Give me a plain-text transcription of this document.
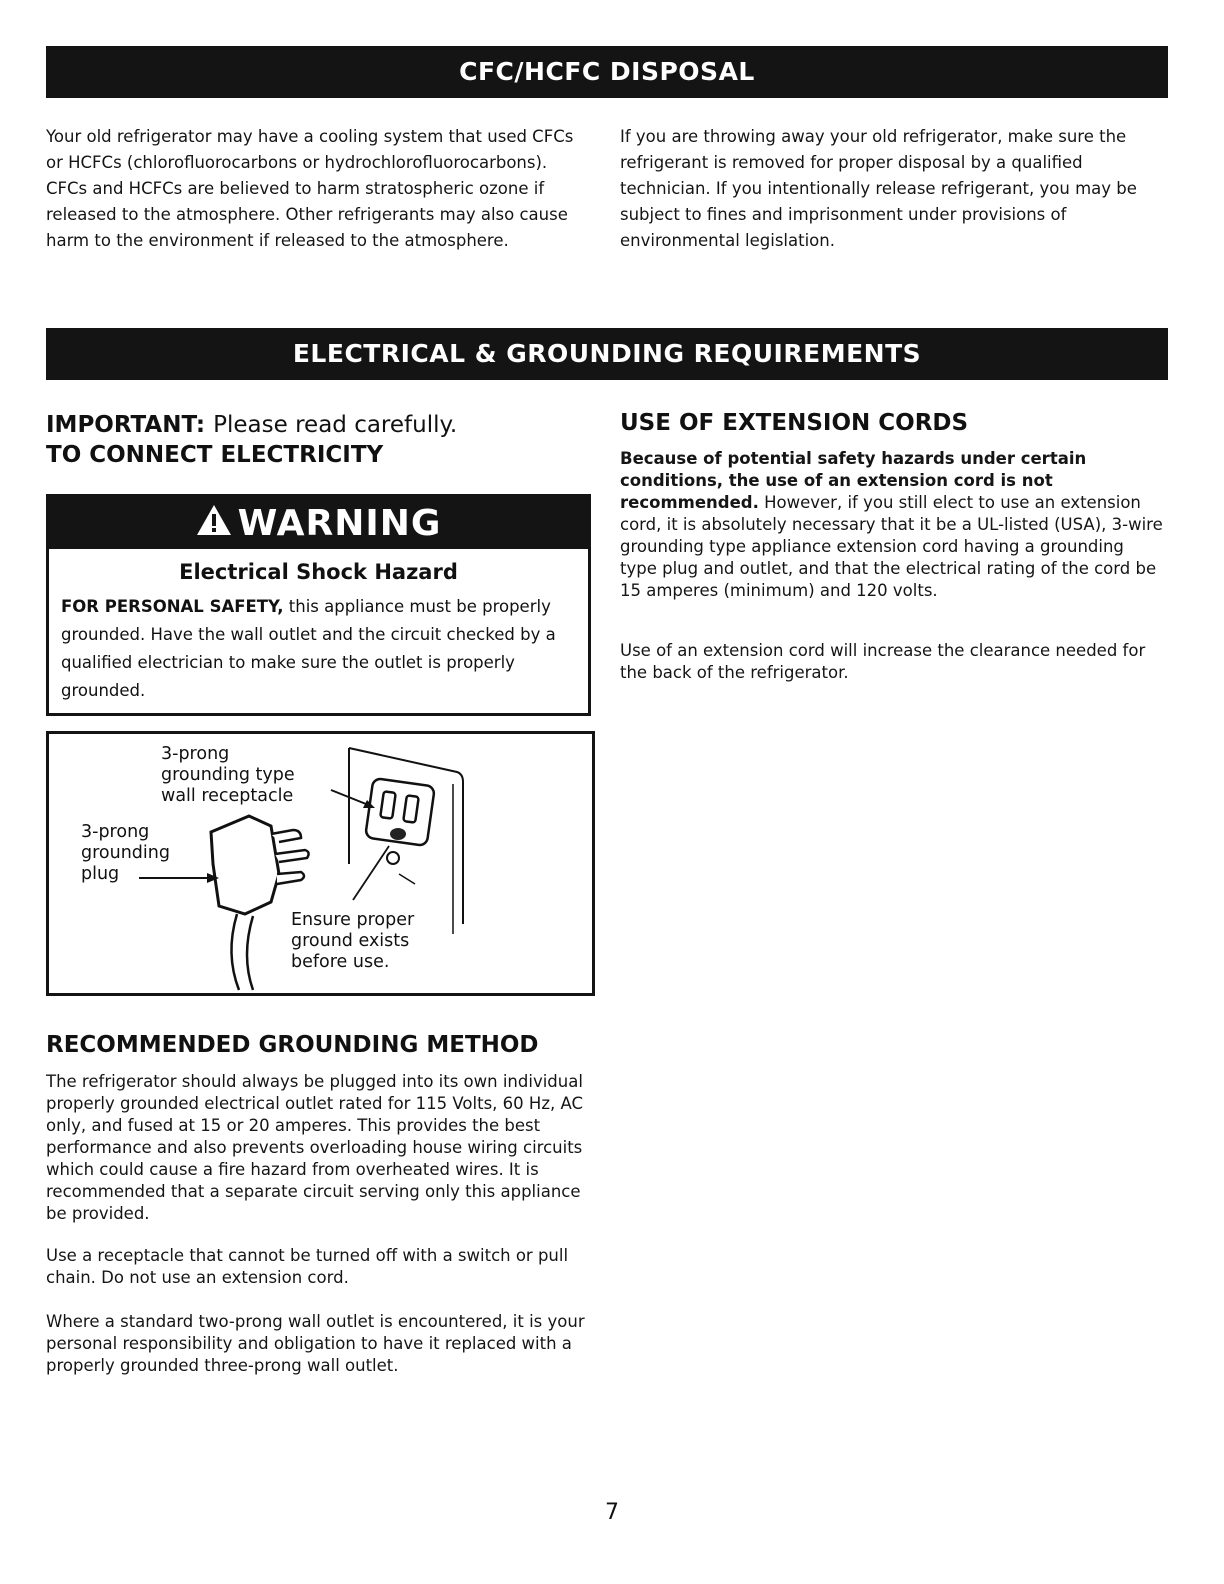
CFC/HCFC DISPOSAL

Your old refrigerator may have a cooling system that used CFCs or HCFCs (chlorofluorocarbons or hydrochlorofluorocarbons). CFCs and HCFCs are believed to harm stratospheric ozone if released to the atmosphere. Other refrigerants may also cause harm to the environment if released to the atmosphere.

If you are throwing away your old refrigerator, make sure the refrigerant is removed for proper disposal by a qualified technician. If you intentionally release refrigerant, you may be subject to fines and imprisonment under provisions of environmental legislation.

ELECTRICAL & GROUNDING REQUIREMENTS
IMPORTANT: Please read carefully.
TO CONNECT ELECTRICITY
WARNING
Electrical Shock Hazard
FOR PERSONAL SAFETY, this appliance must be properly grounded. Have the wall outlet and the circuit checked by a qualified electrician to make sure the outlet is properly grounded.
3-prong
grounding type
wall receptacle
3-prong
grounding
plug
Ensure proper
ground exists
before use.
RECOMMENDED GROUNDING METHOD

The refrigerator should always be plugged into its own individual properly grounded electrical outlet rated for 115 Volts, 60 Hz, AC only, and fused at 15 or 20 amperes. This provides the best performance and also prevents overloading house wiring circuits which could cause a fire hazard from overheated wires. It is recommended that a separate circuit serving only this appliance be provided.

Use a receptacle that cannot be turned off with a switch or pull chain. Do not use an extension cord.

Where a standard two-prong wall outlet is encountered, it is your personal responsibility and obligation to have it replaced with a properly grounded three-prong wall outlet.

USE OF EXTENSION CORDS

Because of potential safety hazards under certain conditions, the use of an extension cord is not recommended. However, if you still elect to use an extension cord, it is absolutely necessary that it be a UL-listed (USA), 3-wire grounding type appliance extension cord having a grounding type plug and outlet, and that the electrical rating of the cord be 15 amperes (minimum) and 120 volts.

Use of an extension cord will increase the clearance needed for the back of the refrigerator.

7
